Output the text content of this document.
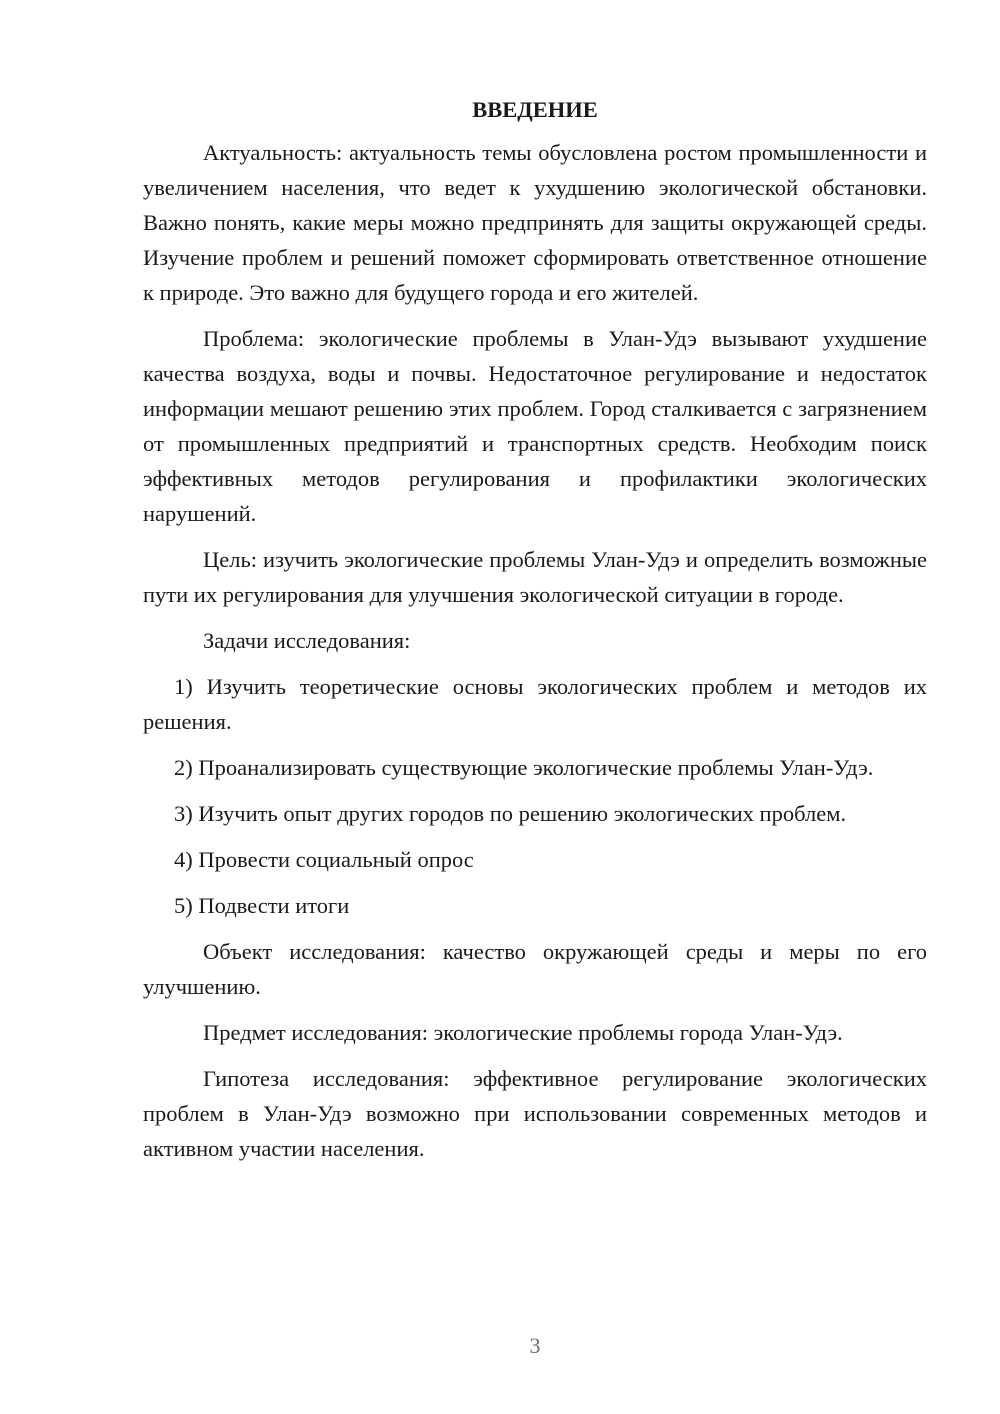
ВВЕДЕНИЕ

Актуальность: актуальность темы обусловлена ростом промышленности и увеличением населения, что ведет к ухудшению экологической обстановки. Важно понять, какие меры можно предпринять для защиты окружающей среды. Изучение проблем и решений поможет сформировать ответственное отношение к природе. Это важно для будущего города и его жителей.

Проблема: экологические проблемы в Улан-Удэ вызывают ухудшение качества воздуха, воды и почвы. Недостаточное регулирование и недостаток информации мешают решению этих проблем. Город сталкивается с загрязнением от промышленных предприятий и транспортных средств. Необходим поиск эффективных методов регулирования и профилактики экологических нарушений.

Цель: изучить экологические проблемы Улан-Удэ и определить возможные пути их регулирования для улучшения экологической ситуации в городе.

Задачи исследования:

1) Изучить теоретические основы экологических проблем и методов их решения.

2) Проанализировать существующие экологические проблемы Улан-Удэ.

3) Изучить опыт других городов по решению экологических проблем.

4) Провести социальный опрос

5) Подвести итоги

Объект исследования: качество окружающей среды и меры по его улучшению.

Предмет исследования: экологические проблемы города Улан-Удэ.

Гипотеза исследования: эффективное регулирование экологических проблем в Улан-Удэ возможно при использовании современных методов и активном участии населения.

3
